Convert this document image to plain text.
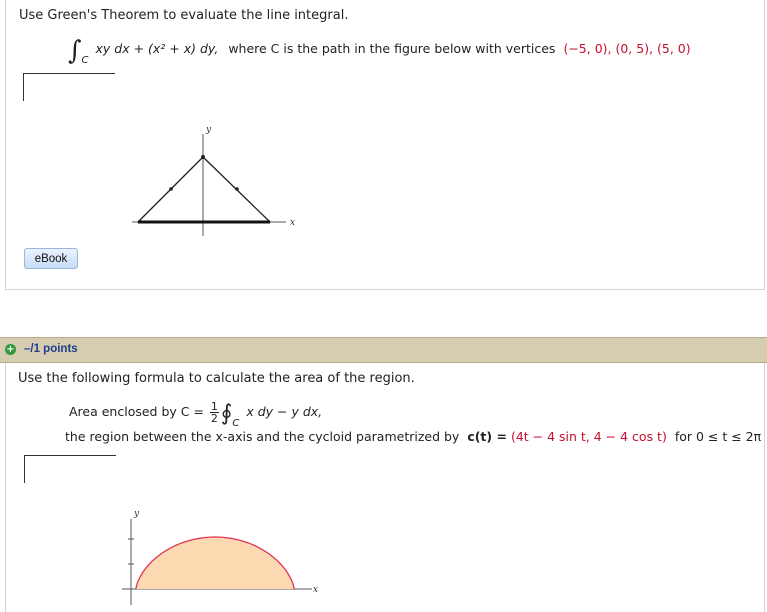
Use Green's Theorem to evaluate the line integral.
$\int_C$ xy dx + (x² + x) dy, where C is the path in the figure below with vertices (−5, 0), (0, 5), (5, 0)
y
x
eBook
+ –/1 points
Use the following formula to calculate the area of the region.
Area enclosed by $C = \frac{1}{2}$ $∮_C$ x dy − y dx,
the region between the x-axis and the cycloid parametrized by c(t) = (4t − 4 sin t, 4 − 4 cos t) for 0 ≤ t ≤ 2π
y
x
